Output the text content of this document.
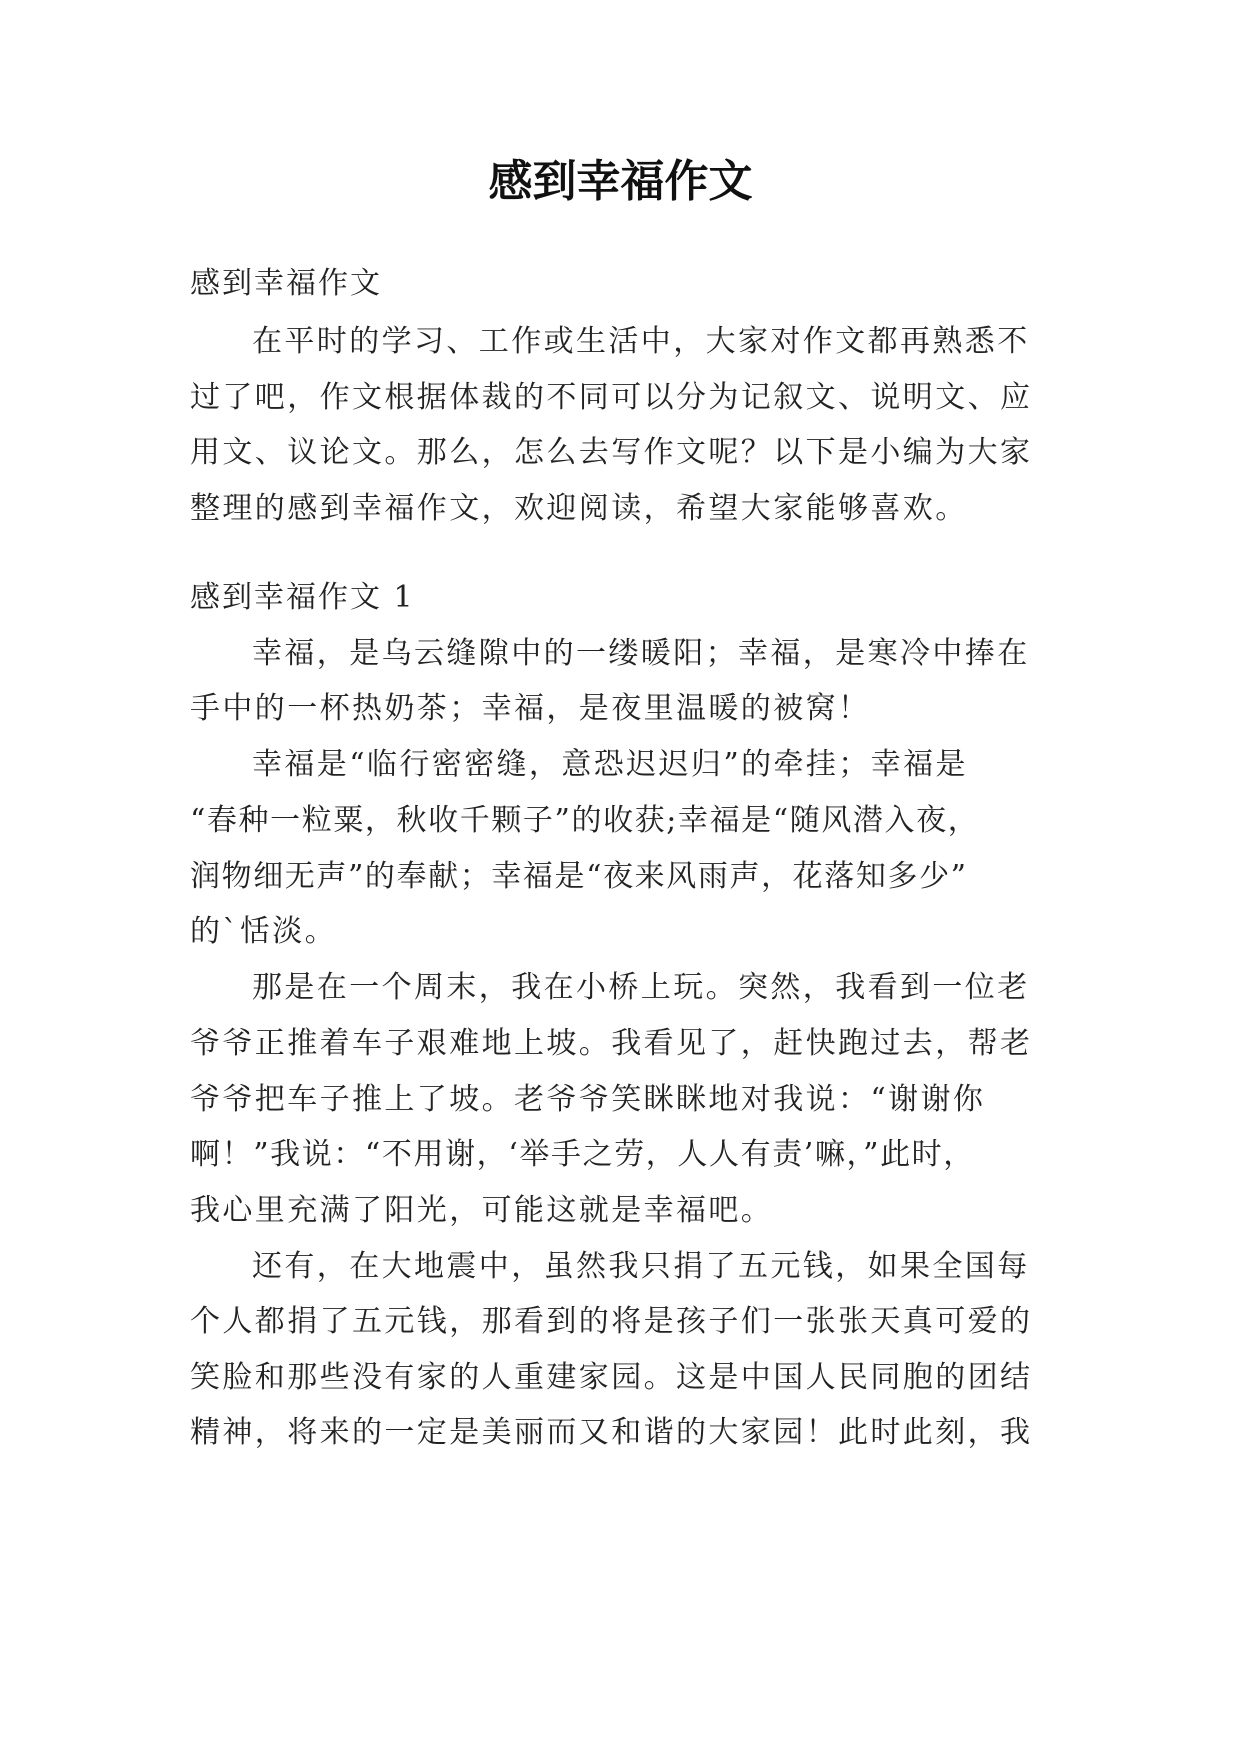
感到幸福作文

感到幸福作文

在平时的学习、工作或生活中，大家对作文都再熟悉不

过了吧，作文根据体裁的不同可以分为记叙文、说明文、应

用文、议论文。那么，怎么去写作文呢？以下是小编为大家

整理的感到幸福作文，欢迎阅读，希望大家能够喜欢。

感到幸福作文 1

幸福，是乌云缝隙中的一缕暖阳；幸福，是寒冷中捧在

手中的一杯热奶茶；幸福，是夜里温暖的被窝！

幸福是“临行密密缝，意恐迟迟归”的牵挂；幸福是

“春种一粒粟，秋收千颗子”的收获;幸福是“随风潜入夜，

润物细无声”的奉献；幸福是“夜来风雨声，花落知多少”

的`恬淡。

那是在一个周末，我在小桥上玩。突然，我看到一位老

爷爷正推着车子艰难地上坡。我看见了，赶快跑过去，帮老

爷爷把车子推上了坡。老爷爷笑眯眯地对我说：“谢谢你

啊！”我说：“不用谢，‘举手之劳，人人有责’嘛，”此时，

我心里充满了阳光，可能这就是幸福吧。

还有，在大地震中，虽然我只捐了五元钱，如果全国每

个人都捐了五元钱，那看到的将是孩子们一张张天真可爱的

笑脸和那些没有家的人重建家园。这是中国人民同胞的团结

精神，将来的一定是美丽而又和谐的大家园！此时此刻，我
